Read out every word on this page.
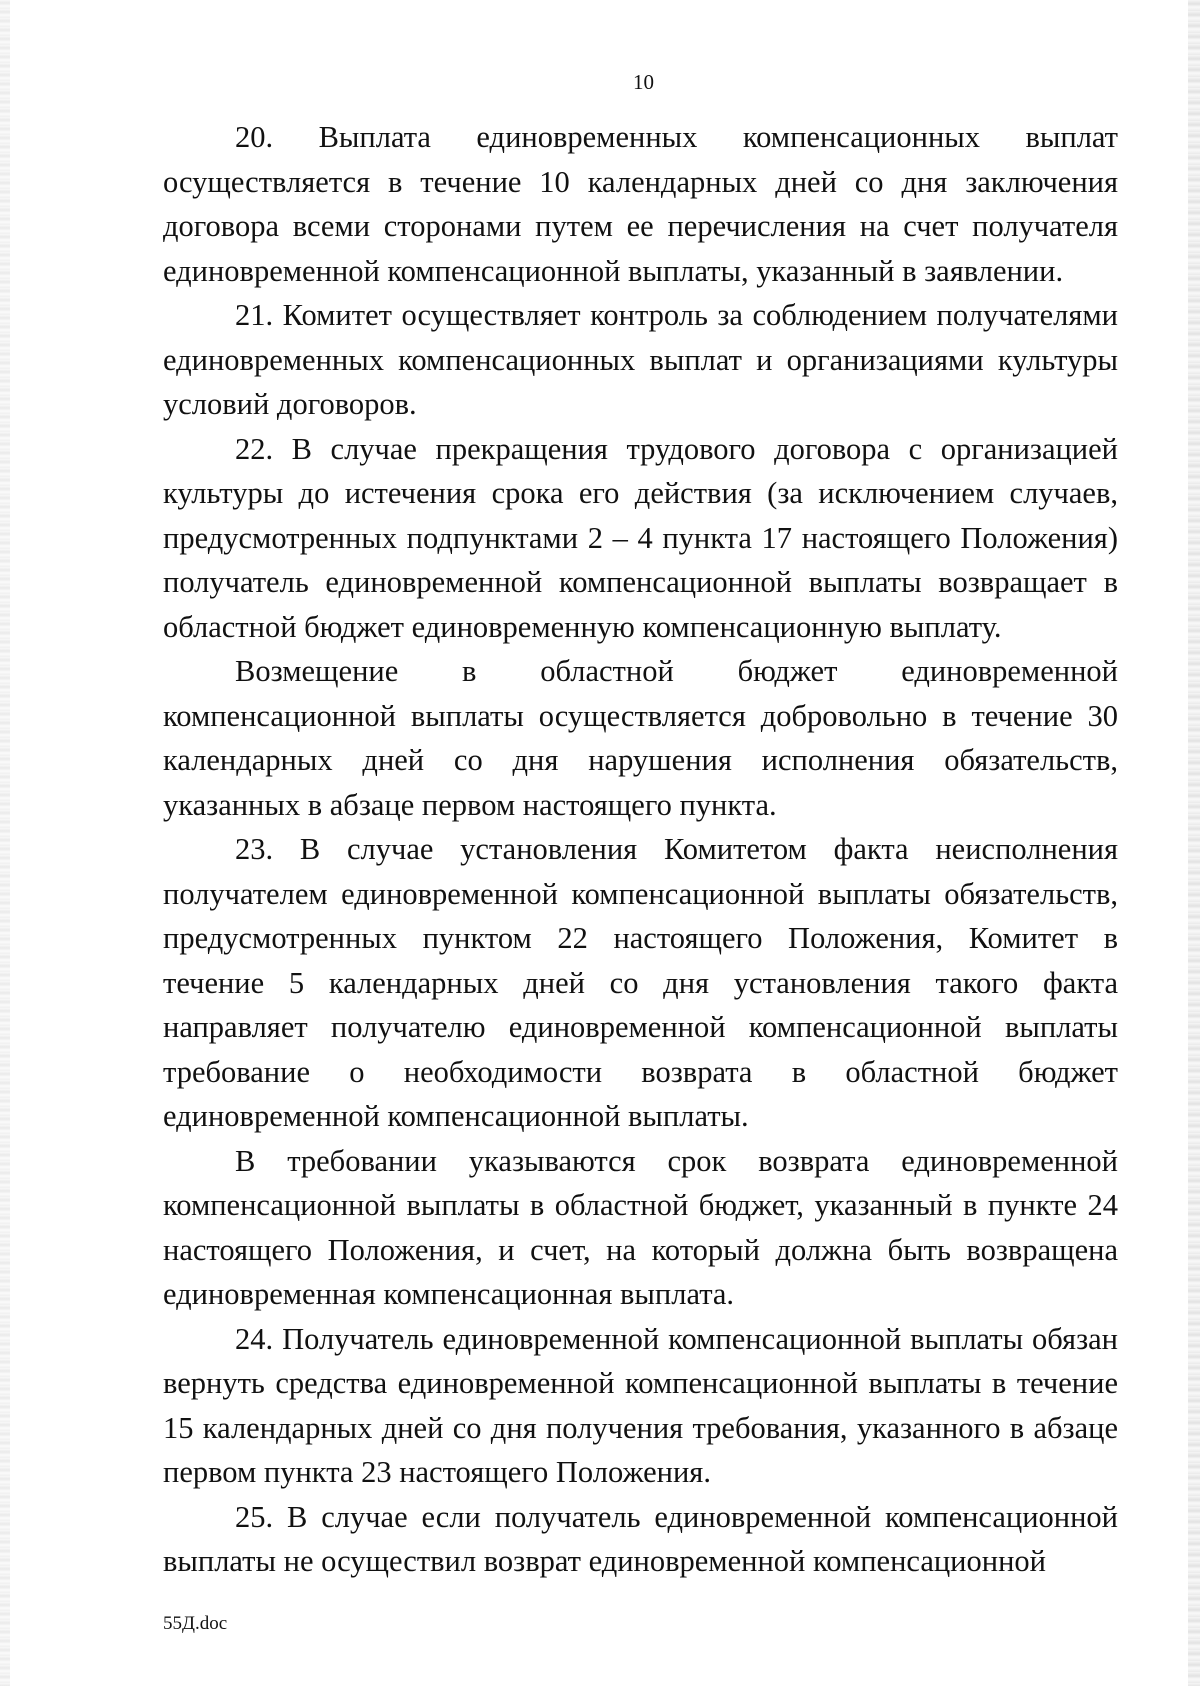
10

20. Выплата единовременных компенсационных выплат осуществляется в течение 10 календарных дней со дня заключения договора всеми сторонами путем ее перечисления на счет получателя единовременной компенсационной выплаты, указанный в заявлении.

21. Комитет осуществляет контроль за соблюдением получателями единовременных компенсационных выплат и организациями культуры условий договоров.

22. В случае прекращения трудового договора с организацией культуры до истечения срока его действия (за исключением случаев, предусмотренных подпунктами 2 – 4 пункта 17 настоящего Положения) получатель единовременной компенсационной выплаты возвращает в областной бюджет единовременную компенсационную выплату.

Возмещение в областной бюджет единовременной компенсационной выплаты осуществляется добровольно в течение 30 календарных дней со дня нарушения исполнения обязательств, указанных в абзаце первом настоящего пункта.

23. В случае установления Комитетом факта неисполнения получателем единовременной компенсационной выплаты обязательств, предусмотренных пунктом 22 настоящего Положения, Комитет в течение 5 календарных дней со дня установления такого факта направляет получателю единовременной компенсационной выплаты требование о необходимости возврата в областной бюджет единовременной компенсационной выплаты.

В требовании указываются срок возврата единовременной компенсационной выплаты в областной бюджет, указанный в пункте 24 настоящего Положения, и счет, на который должна быть возвращена единовременная компенсационная выплата.

24. Получатель единовременной компенсационной выплаты обязан вернуть средства единовременной компенсационной выплаты в течение 15 календарных дней со дня получения требования, указанного в абзаце первом пункта 23 настоящего Положения.

25. В случае если получатель единовременной компенсационной выплаты не осуществил возврат единовременной компенсационной

55Д.doc
